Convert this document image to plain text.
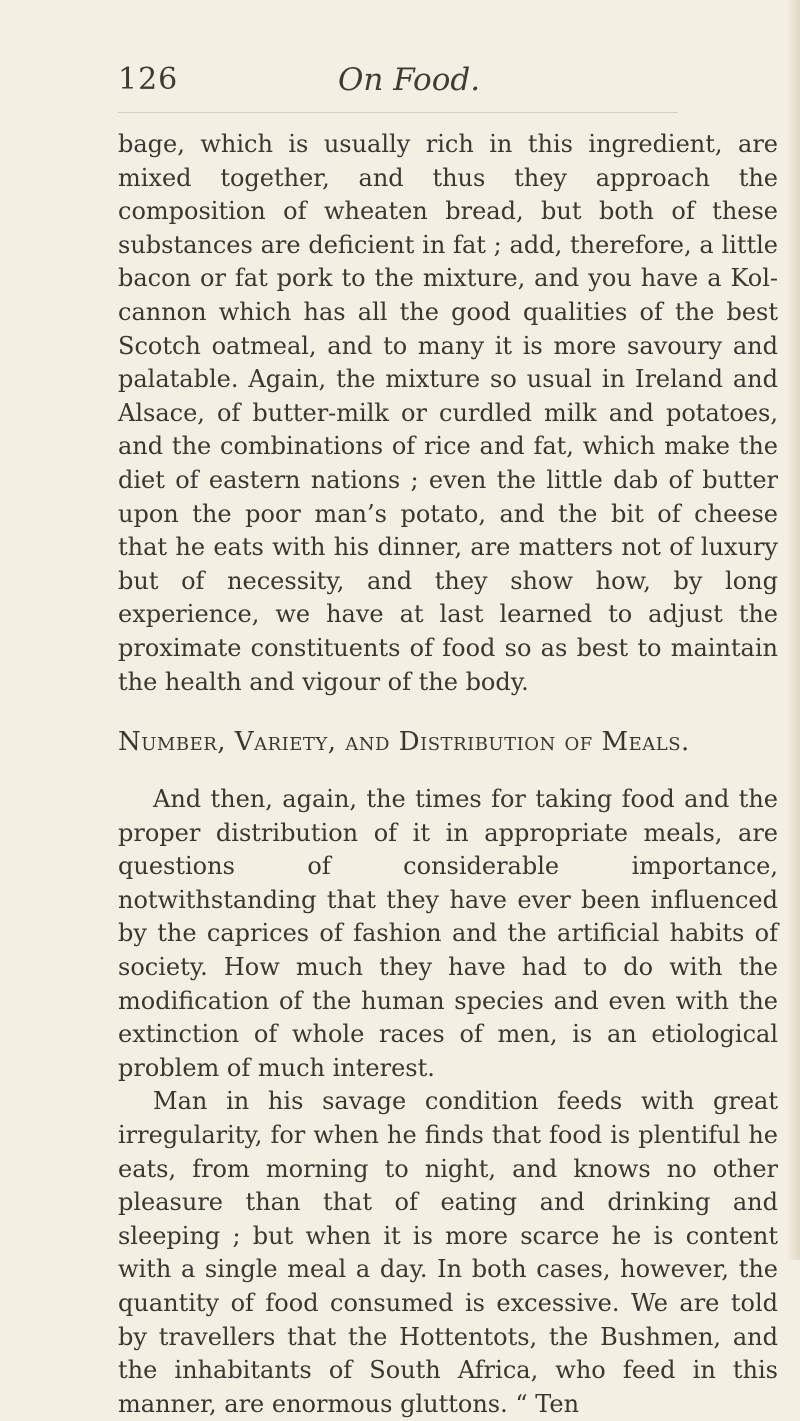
126	On Food.

bage, which is usually rich in this ingredient, are mixed together, and thus they approach the composition of wheaten bread, but both of these substances are deficient in fat ; add, therefore, a little bacon or fat pork to the mixture, and you have a Kol-cannon which has all the good qualities of the best Scotch oatmeal, and to many it is more savoury and palatable. Again, the mixture so usual in Ireland and Alsace, of butter-milk or curdled milk and potatoes, and the combinations of rice and fat, which make the diet of eastern nations ; even the little dab of butter upon the poor man’s potato, and the bit of cheese that he eats with his dinner, are matters not of luxury but of necessity, and they show how, by long experience, we have at last learned to adjust the proximate constituents of food so as best to maintain the health and vigour of the body.

Number, Variety, and Distribution of Meals.

And then, again, the times for taking food and the proper distribution of it in appropriate meals, are questions of considerable importance, notwithstanding that they have ever been influenced by the caprices of fashion and the artificial habits of society. How much they have had to do with the modification of the human species and even with the extinction of whole races of men, is an etiological problem of much interest.

Man in his savage condition feeds with great irregularity, for when he finds that food is plentiful he eats, from morning to night, and knows no other pleasure than that of eating and drinking and sleeping ; but when it is more scarce he is content with a single meal a day. In both cases, however, the quantity of food consumed is excessive. We are told by travellers that the Hottentots, the Bushmen, and the inhabitants of South Africa, who feed in this manner, are enormous gluttons. “ Ten
